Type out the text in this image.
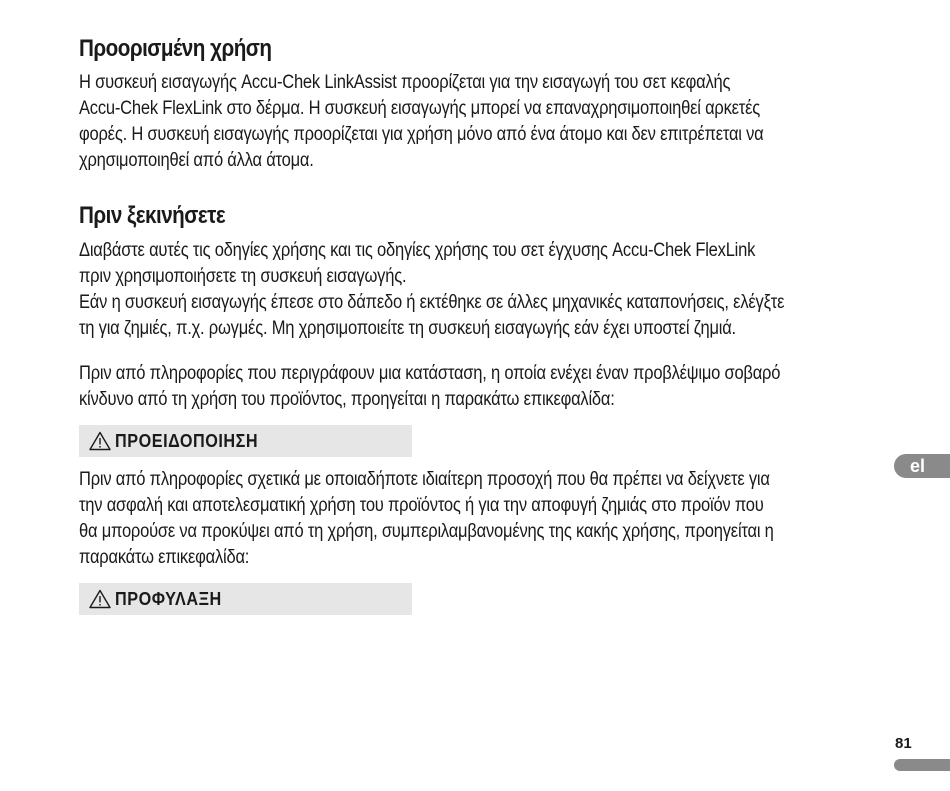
Προορισμένη χρήση

Η συσκευή εισαγωγής Accu-Chek LinkAssist προορίζεται για την εισαγωγή του σετ κεφαλής
Accu-Chek FlexLink στο δέρμα. Η συσκευή εισαγωγής μπορεί να επαναχρησιμοποιηθεί αρκετές
φορές. Η συσκευή εισαγωγής προορίζεται για χρήση μόνο από ένα άτομο και δεν επιτρέπεται να
χρησιμοποιηθεί από άλλα άτομα.

Πριν ξεκινήσετε

Διαβάστε αυτές τις οδηγίες χρήσης και τις οδηγίες χρήσης του σετ έγχυσης Accu-Chek FlexLink
πριν χρησιμοποιήσετε τη συσκευή εισαγωγής.

Εάν η συσκευή εισαγωγής έπεσε στο δάπεδο ή εκτέθηκε σε άλλες μηχανικές καταπονήσεις, ελέγξτε
τη για ζημιές, π.χ. ρωγμές. Μη χρησιμοποιείτε τη συσκευή εισαγωγής εάν έχει υποστεί ζημιά.

Πριν από πληροφορίες που περιγράφουν μια κατάσταση, η οποία ενέχει έναν προβλέψιμο σοβαρό
κίνδυνο από τη χρήση του προϊόντος, προηγείται η παρακάτω επικεφαλίδα:

ΠΡΟΕΙΔΟΠΟΙΗΣΗ

Πριν από πληροφορίες σχετικά με οποιαδήποτε ιδιαίτερη προσοχή που θα πρέπει να δείχνετε για
την ασφαλή και αποτελεσματική χρήση του προϊόντος ή για την αποφυγή ζημιάς στο προϊόν που
θα μπορούσε να προκύψει από τη χρήση, συμπεριλαμβανομένης της κακής χρήσης, προηγείται η
παρακάτω επικεφαλίδα:

ΠΡΟΦΥΛΑΞΗ
el
81
